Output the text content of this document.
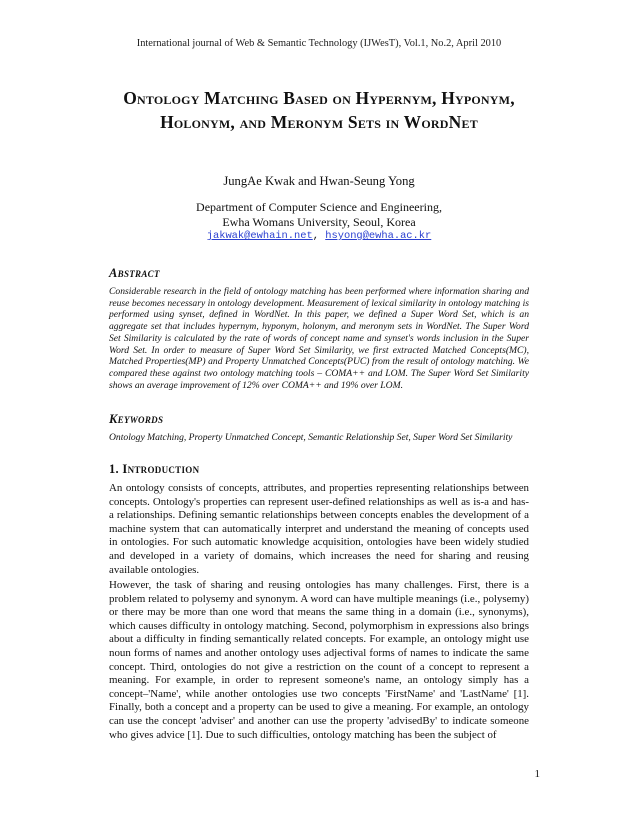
International journal of Web & Semantic Technology (IJWesT), Vol.1, No.2, April 2010
Ontology Matching Based on Hypernym, Hyponym, Holonym, and Meronym Sets in WordNet
JungAe Kwak and Hwan-Seung Yong
Department of Computer Science and Engineering,
Ewha Womans University, Seoul, Korea
jakwak@ewhain.net, hsyong@ewha.ac.kr
Abstract
Considerable research in the field of ontology matching has been performed where information sharing and reuse becomes necessary in ontology development. Measurement of lexical similarity in ontology matching is performed using synset, defined in WordNet. In this paper, we defined a Super Word Set, which is an aggregate set that includes hypernym, hyponym, holonym, and meronym sets in WordNet. The Super Word Set Similarity is calculated by the rate of words of concept name and synset's words inclusion in the Super Word Set. In order to measure of Super Word Set Similarity, we first extracted Matched Concepts(MC), Matched Properties(MP) and Property Unmatched Concepts(PUC) from the result of ontology matching. We compared these against two ontology matching tools – COMA++ and LOM. The Super Word Set Similarity shows an average improvement of 12% over COMA++ and 19% over LOM.
Keywords
Ontology Matching, Property Unmatched Concept, Semantic Relationship Set, Super Word Set Similarity
1. Introduction
An ontology consists of concepts, attributes, and properties representing relationships between concepts. Ontology's properties can represent user-defined relationships as well as is-a and has-a relationships. Defining semantic relationships between concepts enables the development of a machine system that can automatically interpret and understand the meaning of concepts used in ontologies. For such automatic knowledge acquisition, ontologies have been widely studied and developed in a variety of domains, which increases the need for sharing and reusing available ontologies.
However, the task of sharing and reusing ontologies has many challenges. First, there is a problem related to polysemy and synonym. A word can have multiple meanings (i.e., polysemy) or there may be more than one word that means the same thing in a domain (i.e., synonyms), which causes difficulty in ontology matching. Second, polymorphism in expressions also brings about a difficulty in finding semantically related concepts. For example, an ontology might use noun forms of names and another ontology uses adjectival forms of names to indicate the same concept. Third, ontologies do not give a restriction on the count of a concept to represent a meaning. For example, in order to represent someone's name, an ontology simply has a concept–'Name', while another ontologies use two concepts 'FirstName' and 'LastName' [1]. Finally, both a concept and a property can be used to give a meaning. For example, an ontology can use the concept 'adviser' and another can use the property 'advisedBy' to indicate someone who gives advice [1]. Due to such difficulties, ontology matching has been the subject of
1
